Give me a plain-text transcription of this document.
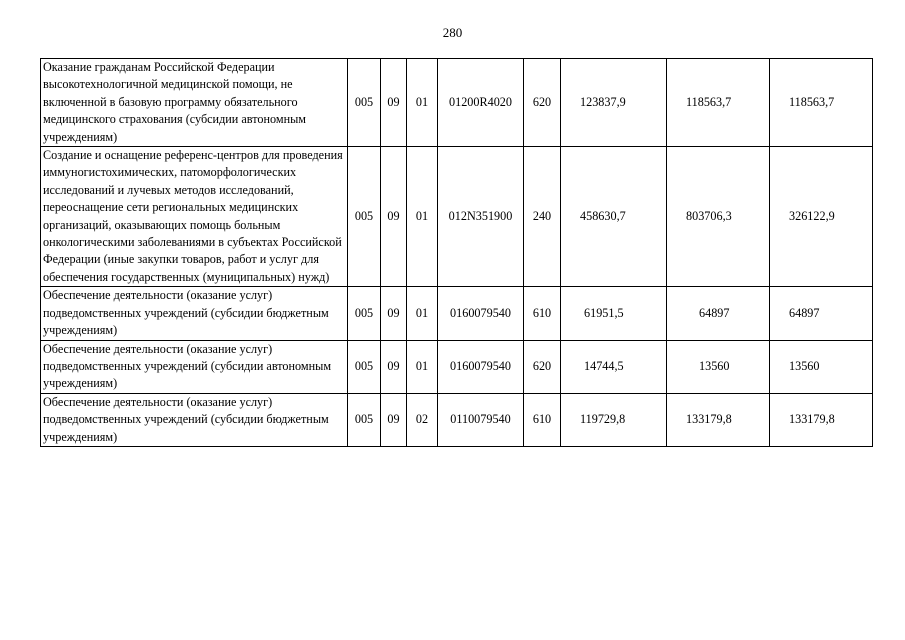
280
Оказание гражданам Российской Федерации высокотехнологичной медицинской помощи, не включенной в базовую программу обязательного медицинского страхования (субсидии автономным учреждениям)	005	09	01	01200R4020	620	123837,9	118563,7	118563,7
Создание и оснащение референс-центров для проведения иммуногистохимических, патоморфологических исследований и лучевых методов исследований, переоснащение сети региональных медицинских организаций, оказывающих помощь больным онкологическими заболеваниями в субъектах Российской Федерации (иные закупки товаров, работ и услуг для обеспечения государственных (муниципальных) нужд)	005	09	01	012N351900	240	458630,7	803706,3	326122,9
Обеспечение деятельности (оказание услуг) подведомственных учреждений (субсидии бюджетным учреждениям)	005	09	01	0160079540	610	61951,5	64897	64897
Обеспечение деятельности (оказание услуг) подведомственных учреждений (субсидии автономным учреждениям)	005	09	01	0160079540	620	14744,5	13560	13560
Обеспечение деятельности (оказание услуг) подведомственных учреждений (субсидии бюджетным учреждениям)	005	09	02	0110079540	610	119729,8	133179,8	133179,8
